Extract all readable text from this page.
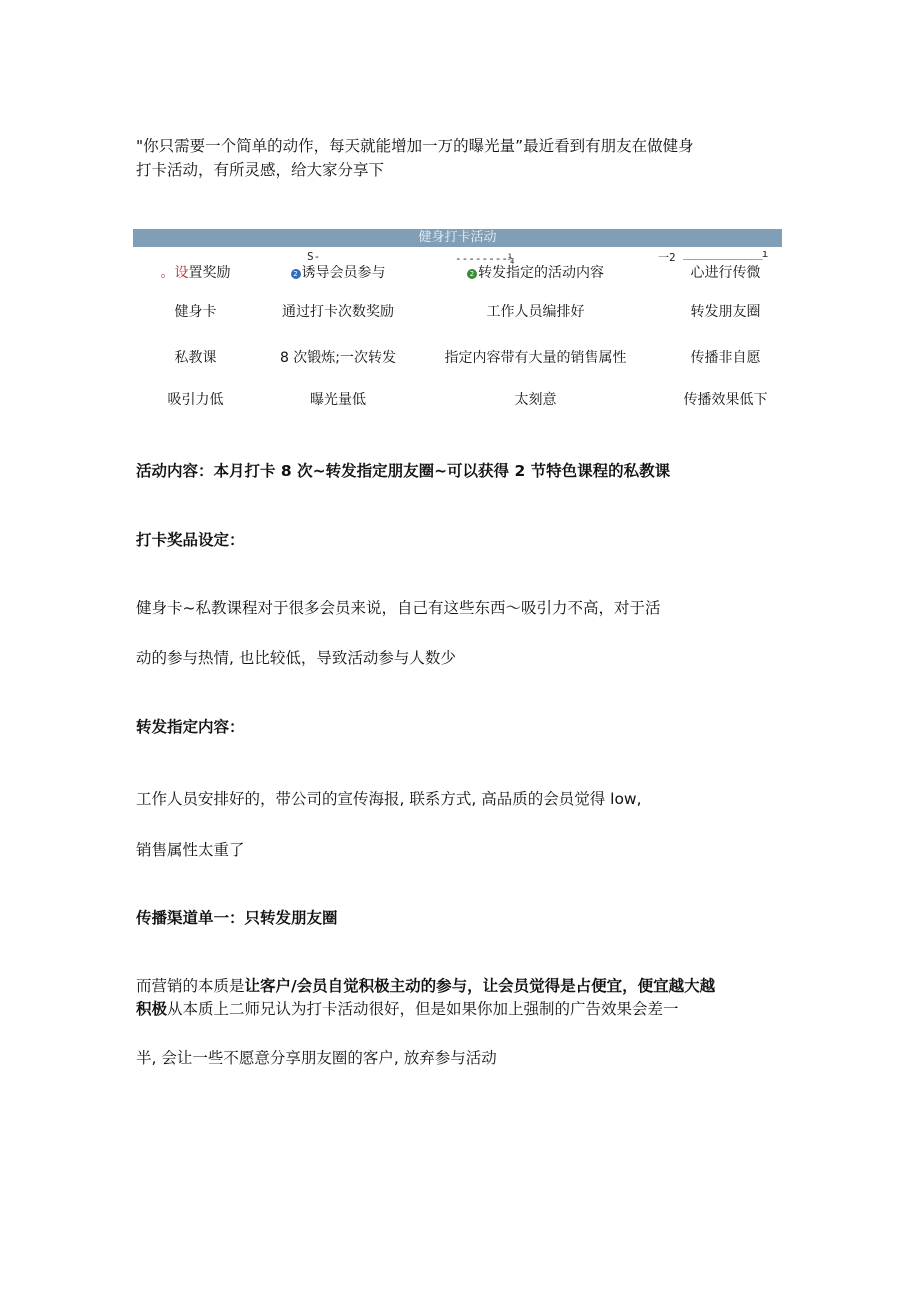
"你只需要一个简单的动作，每天就能增加一万的曝光量”最近看到有朋友在做健身

打卡活动，有所灵感，给大家分享下

健身打卡活动
S-	--------¼	一2 ______________ı
。设置奖励	2 诱导会员参与	2 转发指定的活动内容	心进行传微
健身卡	通过打卡次数奖励	工作人员编排好	转发朋友圈
私教课	8 次锻炼;一次转发	指定内容带有大量的销售属性	传播非自愿
吸引力低	曝光量低	太刻意	传播效果低下

活动内容：本月打卡 8 次~转发指定朋友圈~可以获得 2 节特色课程的私教课

打卡奖品设定：

健身卡~私教课程对于很多会员来说，自己有这些东西～吸引力不高，对于活

动的参与热情, 也比较低，导致活动参与人数少

转发指定内容：

工作人员安排好的，带公司的宣传海报, 联系方式, 高品质的会员觉得 low,

销售属性太重了

传播渠道单一：只转发朋友圈

而营销的本质是让客户/会员自觉积极主动的参与，让会员觉得是占便宜，便宜越大越

积极从本质上二师兄认为打卡活动很好，但是如果你加上强制的广告效果会差一

半, 会让一些不愿意分享朋友圈的客户, 放弃参与活动
